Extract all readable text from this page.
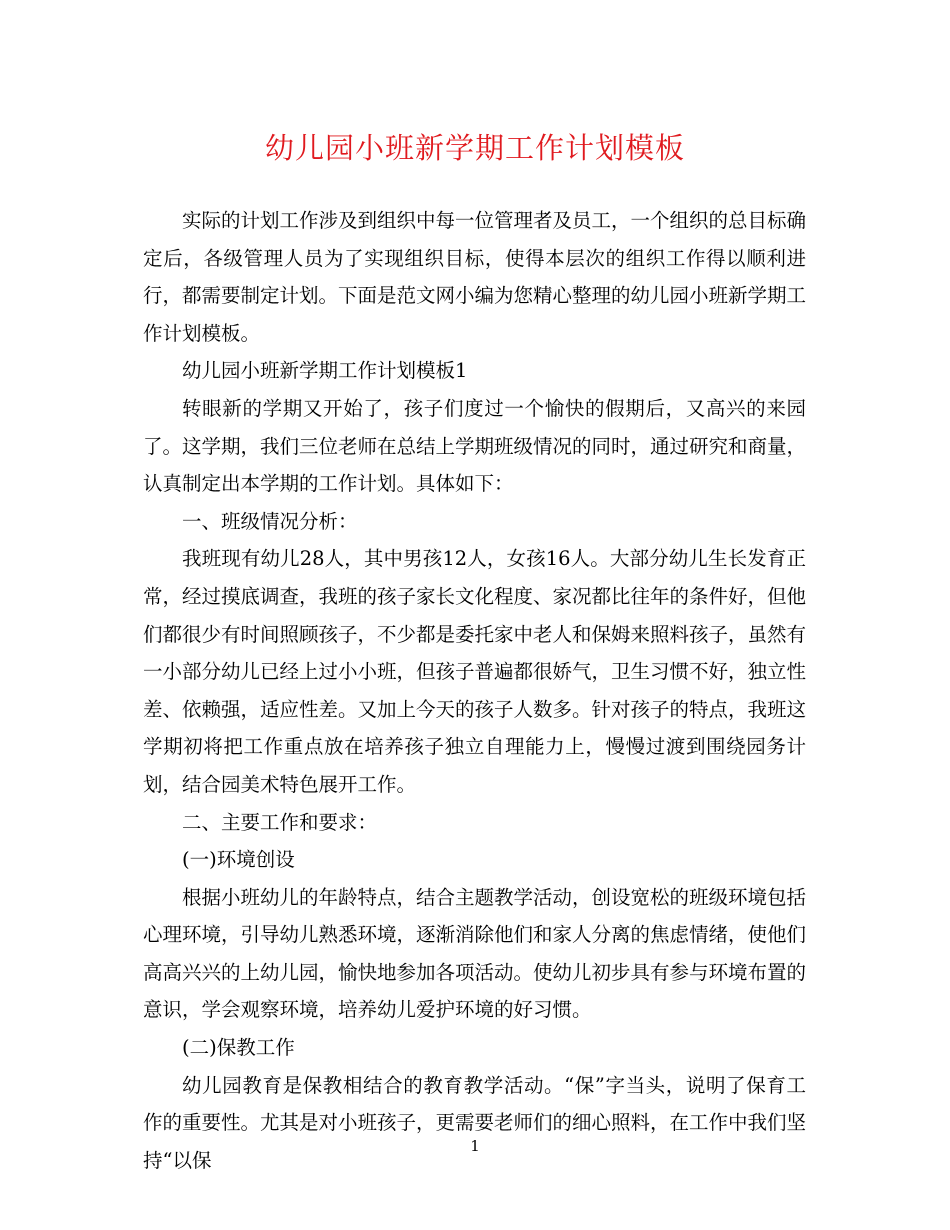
幼儿园小班新学期工作计划模板

实际的计划工作涉及到组织中每一位管理者及员工，一个组织的总目标确定后，各级管理人员为了实现组织目标，使得本层次的组织工作得以顺利进行，都需要制定计划。下面是范文网小编为您精心整理的幼儿园小班新学期工作计划模板。

幼儿园小班新学期工作计划模板1

转眼新的学期又开始了，孩子们度过一个愉快的假期后，又高兴的来园了。这学期，我们三位老师在总结上学期班级情况的同时，通过研究和商量，认真制定出本学期的工作计划。具体如下：

一、班级情况分析：

我班现有幼儿28人，其中男孩12人，女孩16人。大部分幼儿生长发育正常，经过摸底调查，我班的孩子家长文化程度、家况都比往年的条件好，但他们都很少有时间照顾孩子，不少都是委托家中老人和保姆来照料孩子，虽然有一小部分幼儿已经上过小小班，但孩子普遍都很娇气，卫生习惯不好，独立性差、依赖强，适应性差。又加上今天的孩子人数多。针对孩子的特点，我班这学期初将把工作重点放在培养孩子独立自理能力上，慢慢过渡到围绕园务计划，结合园美术特色展开工作。

二、主要工作和要求：

(一)环境创设

根据小班幼儿的年龄特点，结合主题教学活动，创设宽松的班级环境包括心理环境，引导幼儿熟悉环境，逐渐消除他们和家人分离的焦虑情绪，使他们高高兴兴的上幼儿园，愉快地参加各项活动。使幼儿初步具有参与环境布置的意识，学会观察环境，培养幼儿爱护环境的好习惯。

(二)保教工作

幼儿园教育是保教相结合的教育教学活动。“保”字当头，说明了保育工作的重要性。尤其是对小班孩子，更需要老师们的细心照料，在工作中我们坚持“以保

1
